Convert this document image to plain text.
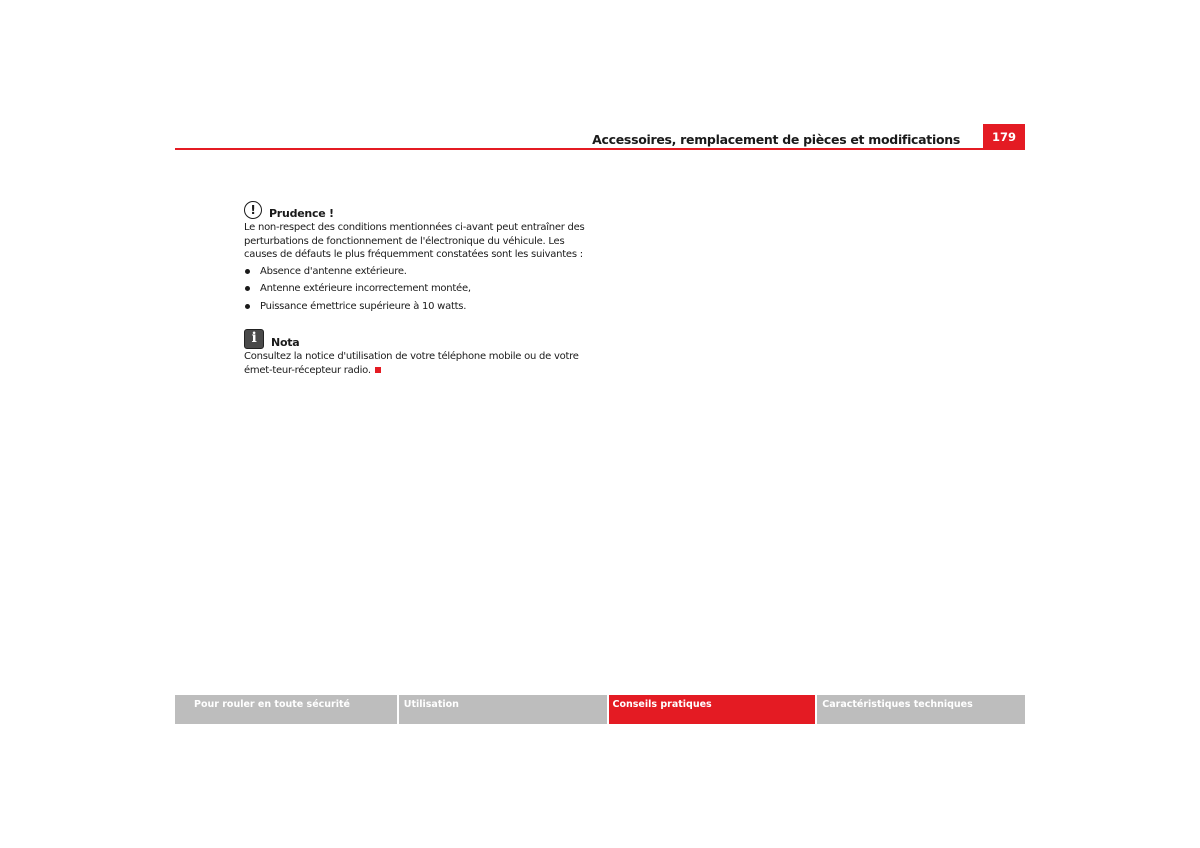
Accessoires, remplacement de pièces et modifications	179
!	Prudence !

Le non-respect des conditions mentionnées ci-avant peut entraîner des perturbations de fonctionnement de l'électronique du véhicule. Les causes de défauts le plus fréquemment constatées sont les suivantes :

Absence d'antenne extérieure.
Antenne extérieure incorrectement montée,
Puissance émettrice supérieure à 10 watts.
i	Nota

Consultez la notice d'utilisation de votre téléphone mobile ou de votre émet-teur-récepteur radio.

Pour rouler en toute sécurité	Utilisation	Conseils pratiques	Caractéristiques techniques
